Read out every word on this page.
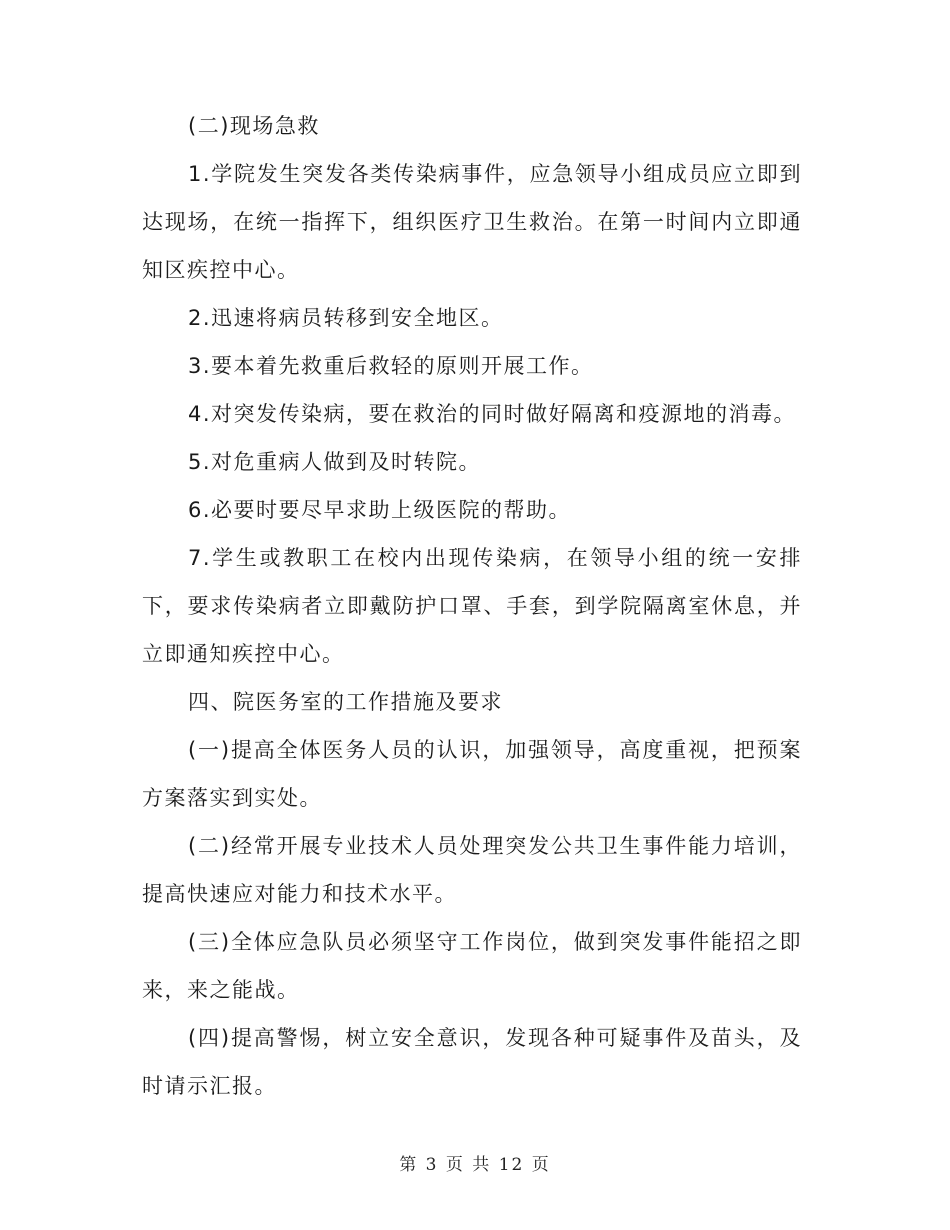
(二)现场急救

1.学院发生突发各类传染病事件，应急领导小组成员应立即到达现场，在统一指挥下，组织医疗卫生救治。在第一时间内立即通知区疾控中心。

2.迅速将病员转移到安全地区。

3.要本着先救重后救轻的原则开展工作。

4.对突发传染病，要在救治的同时做好隔离和疫源地的消毒。

5.对危重病人做到及时转院。

6.必要时要尽早求助上级医院的帮助。

7.学生或教职工在校内出现传染病，在领导小组的统一安排下，要求传染病者立即戴防护口罩、手套，到学院隔离室休息，并立即通知疾控中心。

四、院医务室的工作措施及要求

(一)提高全体医务人员的认识，加强领导，高度重视，把预案方案落实到实处。

(二)经常开展专业技术人员处理突发公共卫生事件能力培训，提高快速应对能力和技术水平。

(三)全体应急队员必须坚守工作岗位，做到突发事件能招之即来，来之能战。

(四)提高警惕，树立安全意识，发现各种可疑事件及苗头，及时请示汇报。

第 3 页 共 12 页
